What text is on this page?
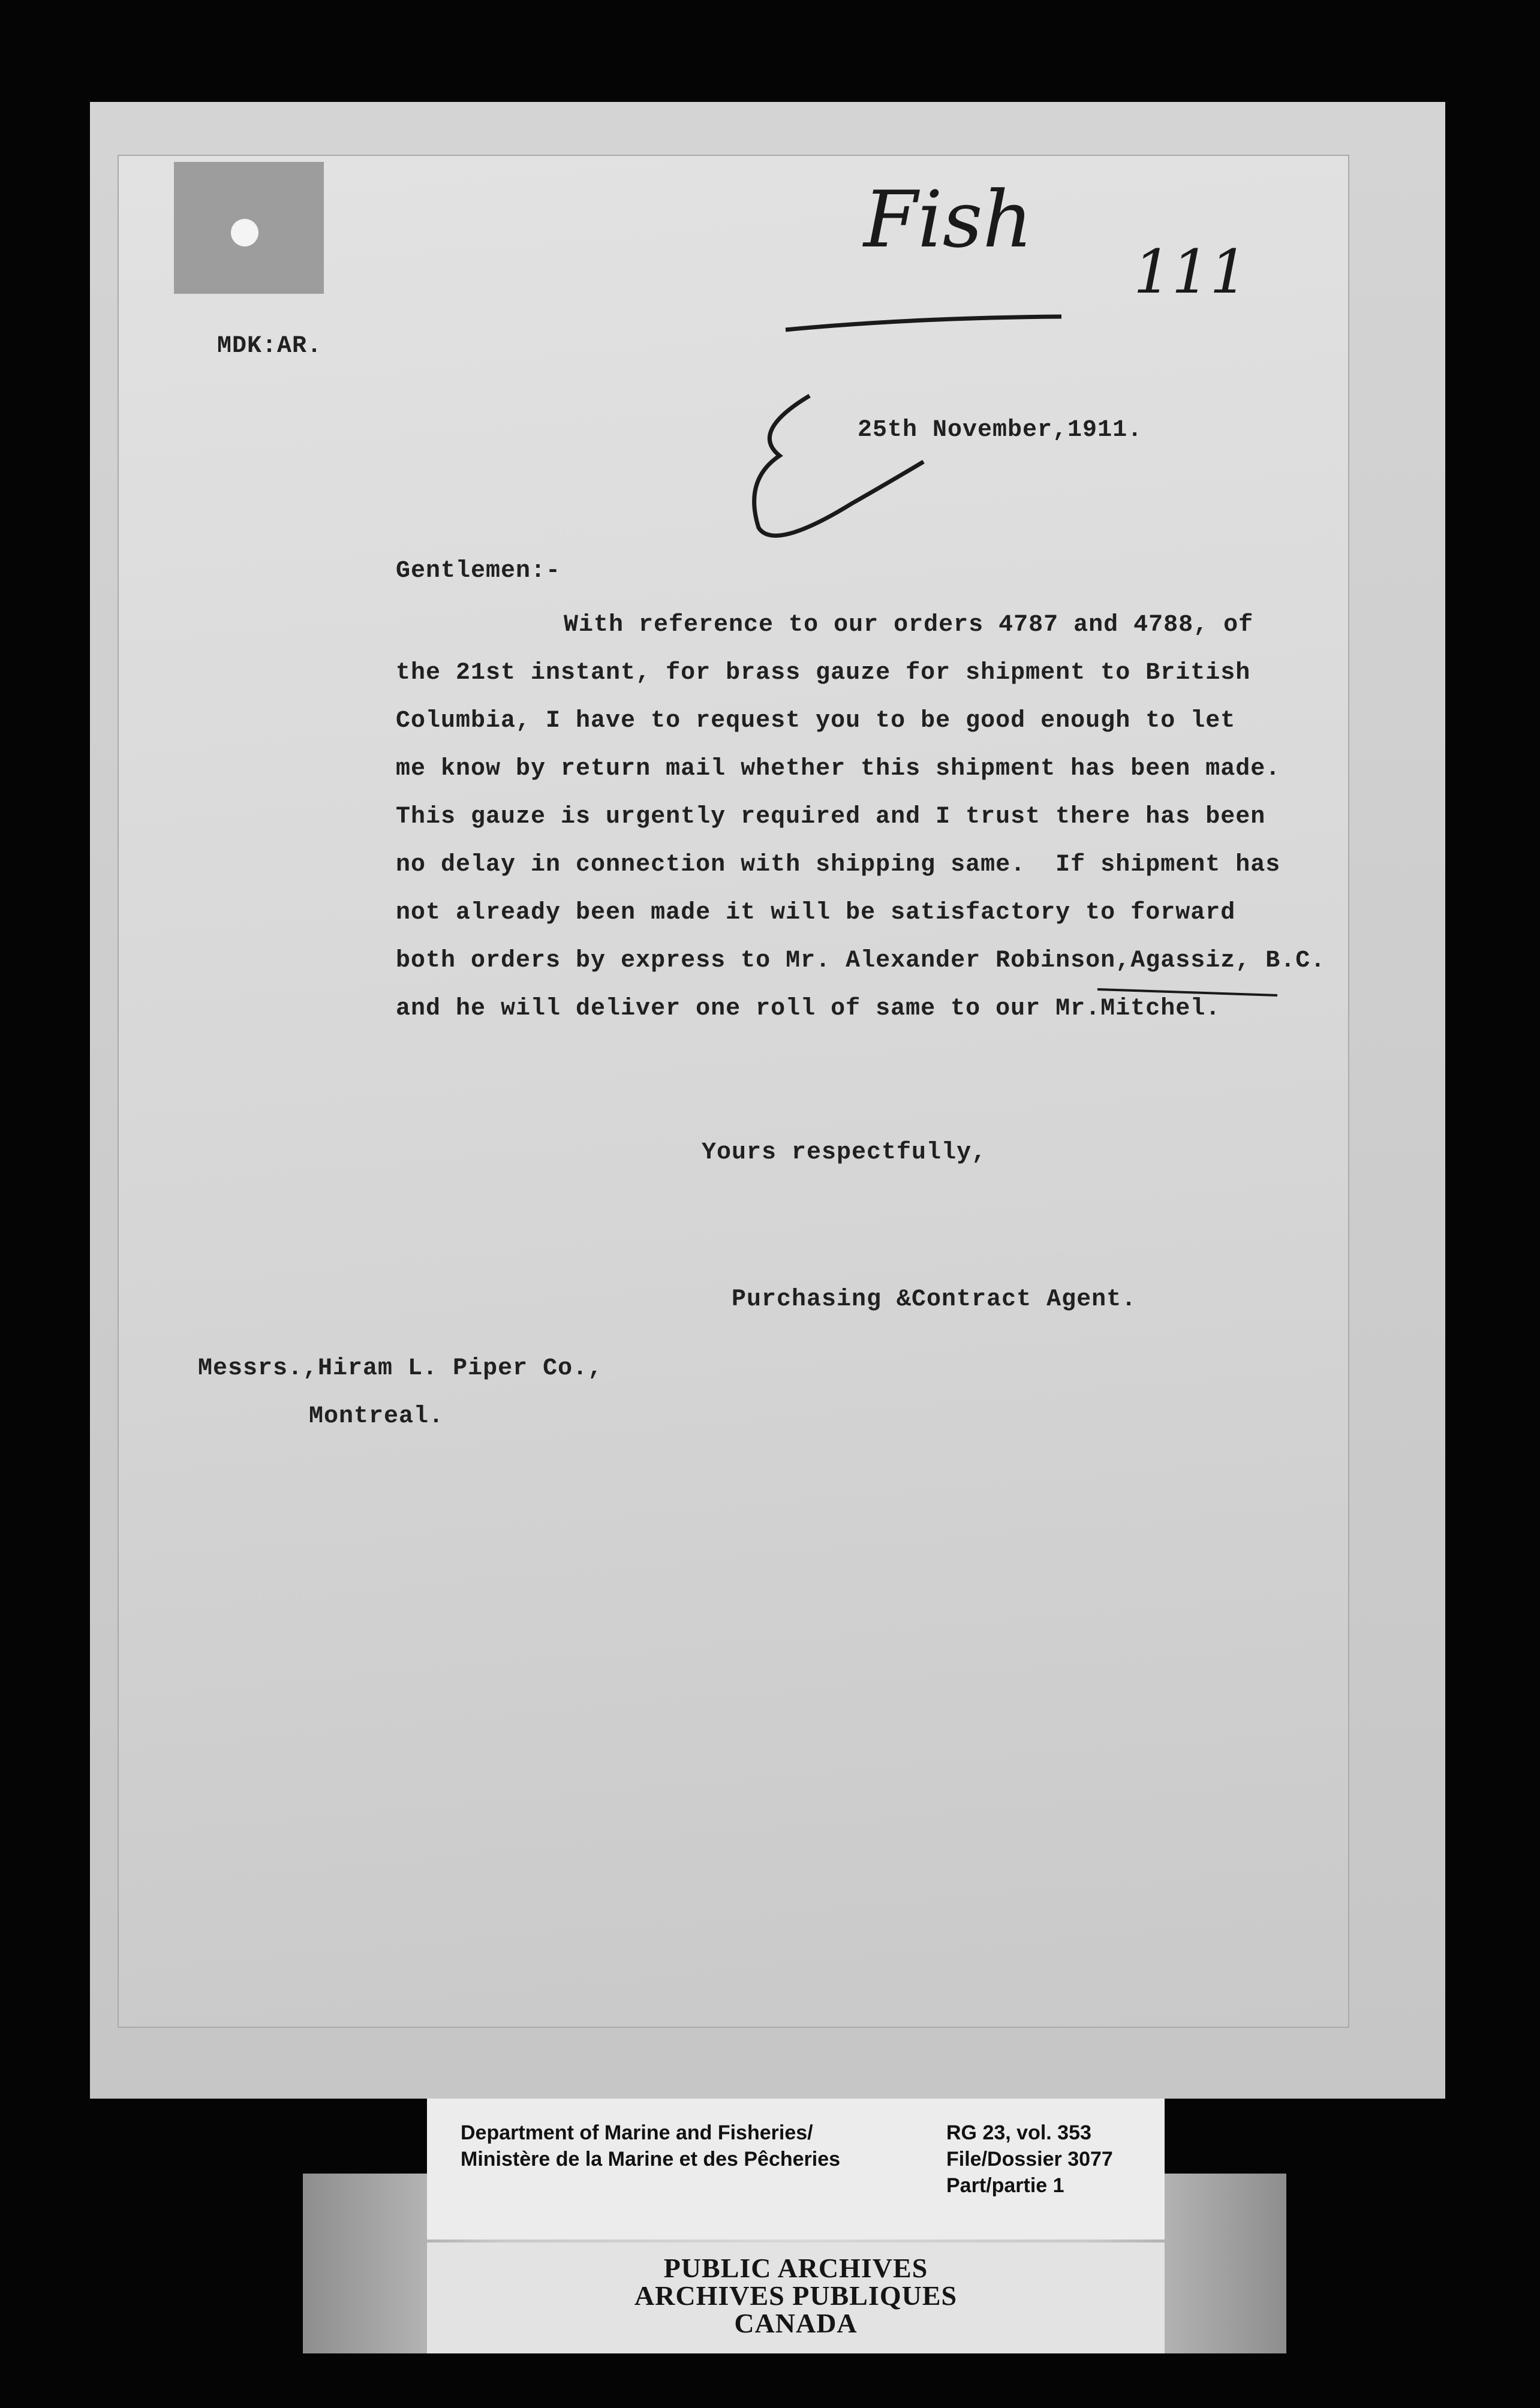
Fish
111
MDK:AR.
25th November,1911.
Gentlemen:-
With reference to our orders 4787 and 4788, of
the 21st instant, for brass gauze for shipment to British
Columbia, I have to request you to be good enough to let
me know by return mail whether this shipment has been made.
This gauze is urgently required and I trust there has been
no delay in connection with shipping same.  If shipment has
not already been made it will be satisfactory to forward
both orders by express to Mr. Alexander Robinson,Agassiz, B.C.
and he will deliver one roll of same to our Mr.Mitchel.
Yours respectfully,
Purchasing &Contract Agent.
Messrs.,Hiram L. Piper Co.,
Montreal.
Department of Marine and Fisheries/
Ministère de la Marine et des Pêcheries
RG 23, vol. 353
File/Dossier 3077
Part/partie 1
PUBLIC ARCHIVES
ARCHIVES PUBLIQUES
CANADA
